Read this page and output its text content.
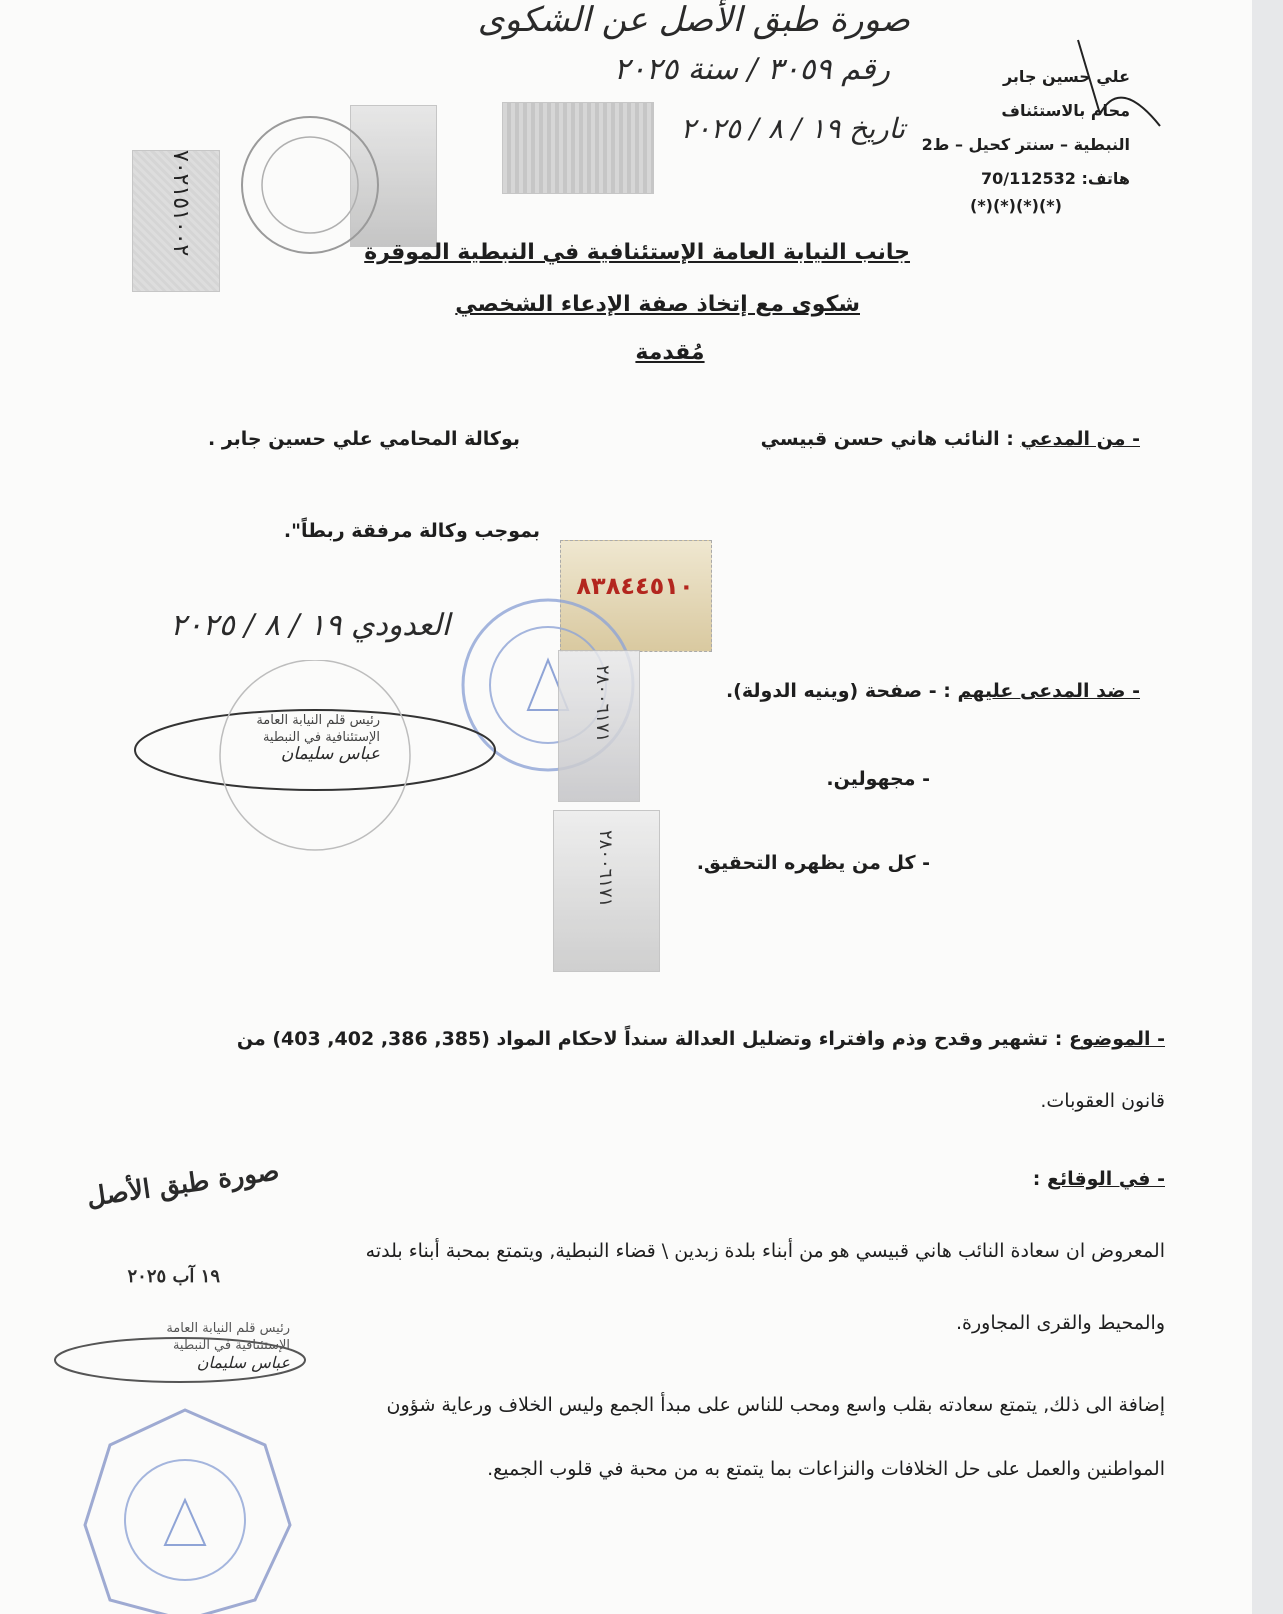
صورة طبق الأصل عن الشكوى
رقم ٣٠٥٩ / سنة ٢٠٢٥
تاريخ ١٩ / ٨ / ٢٠٢٥
علي حسين جابر
محام بالاستئناف
النبطية – سنتر كحيل – ط2
هاتف: 70/112532
(*)(*)(*)(*)
٧٠٢١٥١٠٠٢	جانب النيابة العامة الإستئنافية في النبطية الموقرة
شكوى مع إتخاذ صفة الإدعاء الشخصي
مُقدمة
- من المدعي : النائب هاني حسن قبيسي
بوكالة المحامي علي حسين جابر .
بموجب وكالة مرفقة ربطاً".
٨٣٨٤٤٥١٠
العدودي ١٩ / ٨ / ٢٠٢٥
٢٨٠٠٦١٧١
٢٨٠٠٦١٧١
رئيس قلم النيابة العامة
الإستئنافية في النبطية
عباس سليمان
- ضد المدعى عليهم : - صفحة (وينيه الدولة).
- مجهولين.
- كل من يظهره التحقيق.
- الموضوع : تشهير وقدح وذم وافتراء وتضليل العدالة سنداً لاحكام المواد (385, 386, 402, 403) من
قانون العقوبات.
- في الوقائع :
صورة طبق الأصل
المعروض ان سعادة النائب هاني قبيسي هو من أبناء بلدة زبدين \ قضاء النبطية, ويتمتع بمحبة أبناء بلدته
١٩ آب ٢٠٢٥
والمحيط والقرى المجاورة.
رئيس قلم النيابة العامة
الإستئنافية في النبطية
عباس سليمان
إضافة الى ذلك, يتمتع سعادته بقلب واسع ومحب للناس على مبدأ الجمع وليس الخلاف ورعاية شؤون
المواطنين والعمل على حل الخلافات والنزاعات بما يتمتع به من محبة في قلوب الجميع.
